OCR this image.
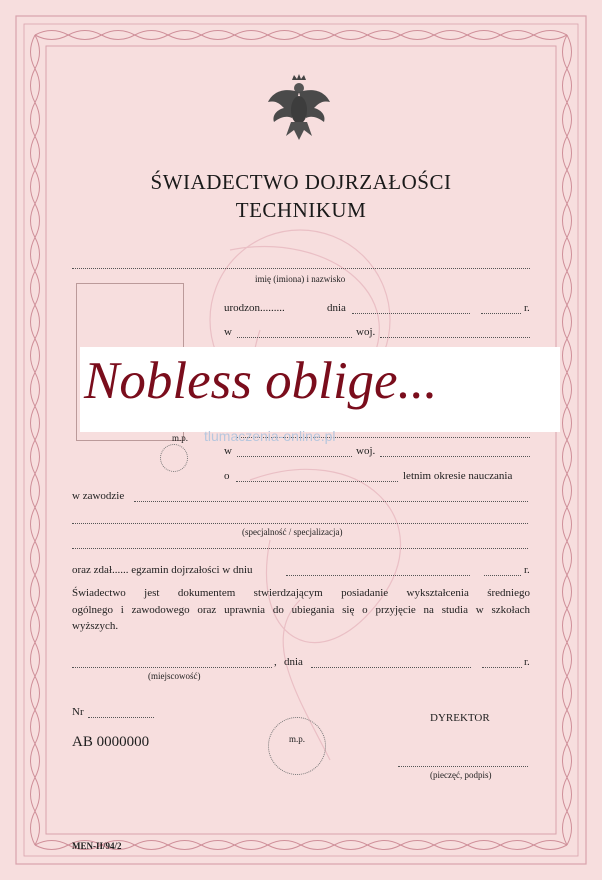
ŚWIADECTWO DOJRZAŁOŚCI
TECHNIKUM
imię (imiona) i nazwisko
urodzon.........	dnia	r.
w	woj.
Nobless oblige...
m.p. tlumaczenia-online.pl
w	woj.
o	letnim okresie nauczania
w zawodzie
(specjalność / specjalizacja)
oraz zdał...... egzamin dojrzałości w dniu	r.
Świadectwo jest dokumentem stwierdzającym posiadanie wykształcenia średniego
ogólnego i zawodowego oraz uprawnia do ubiegania się o przyjęcie na studia w szkołach
wyższych.
, dnia	r.
(miejscowość)
Nr
AB 0000000	m.p.
DYREKTOR
(pieczęć, podpis)
MEN-II/94/2
